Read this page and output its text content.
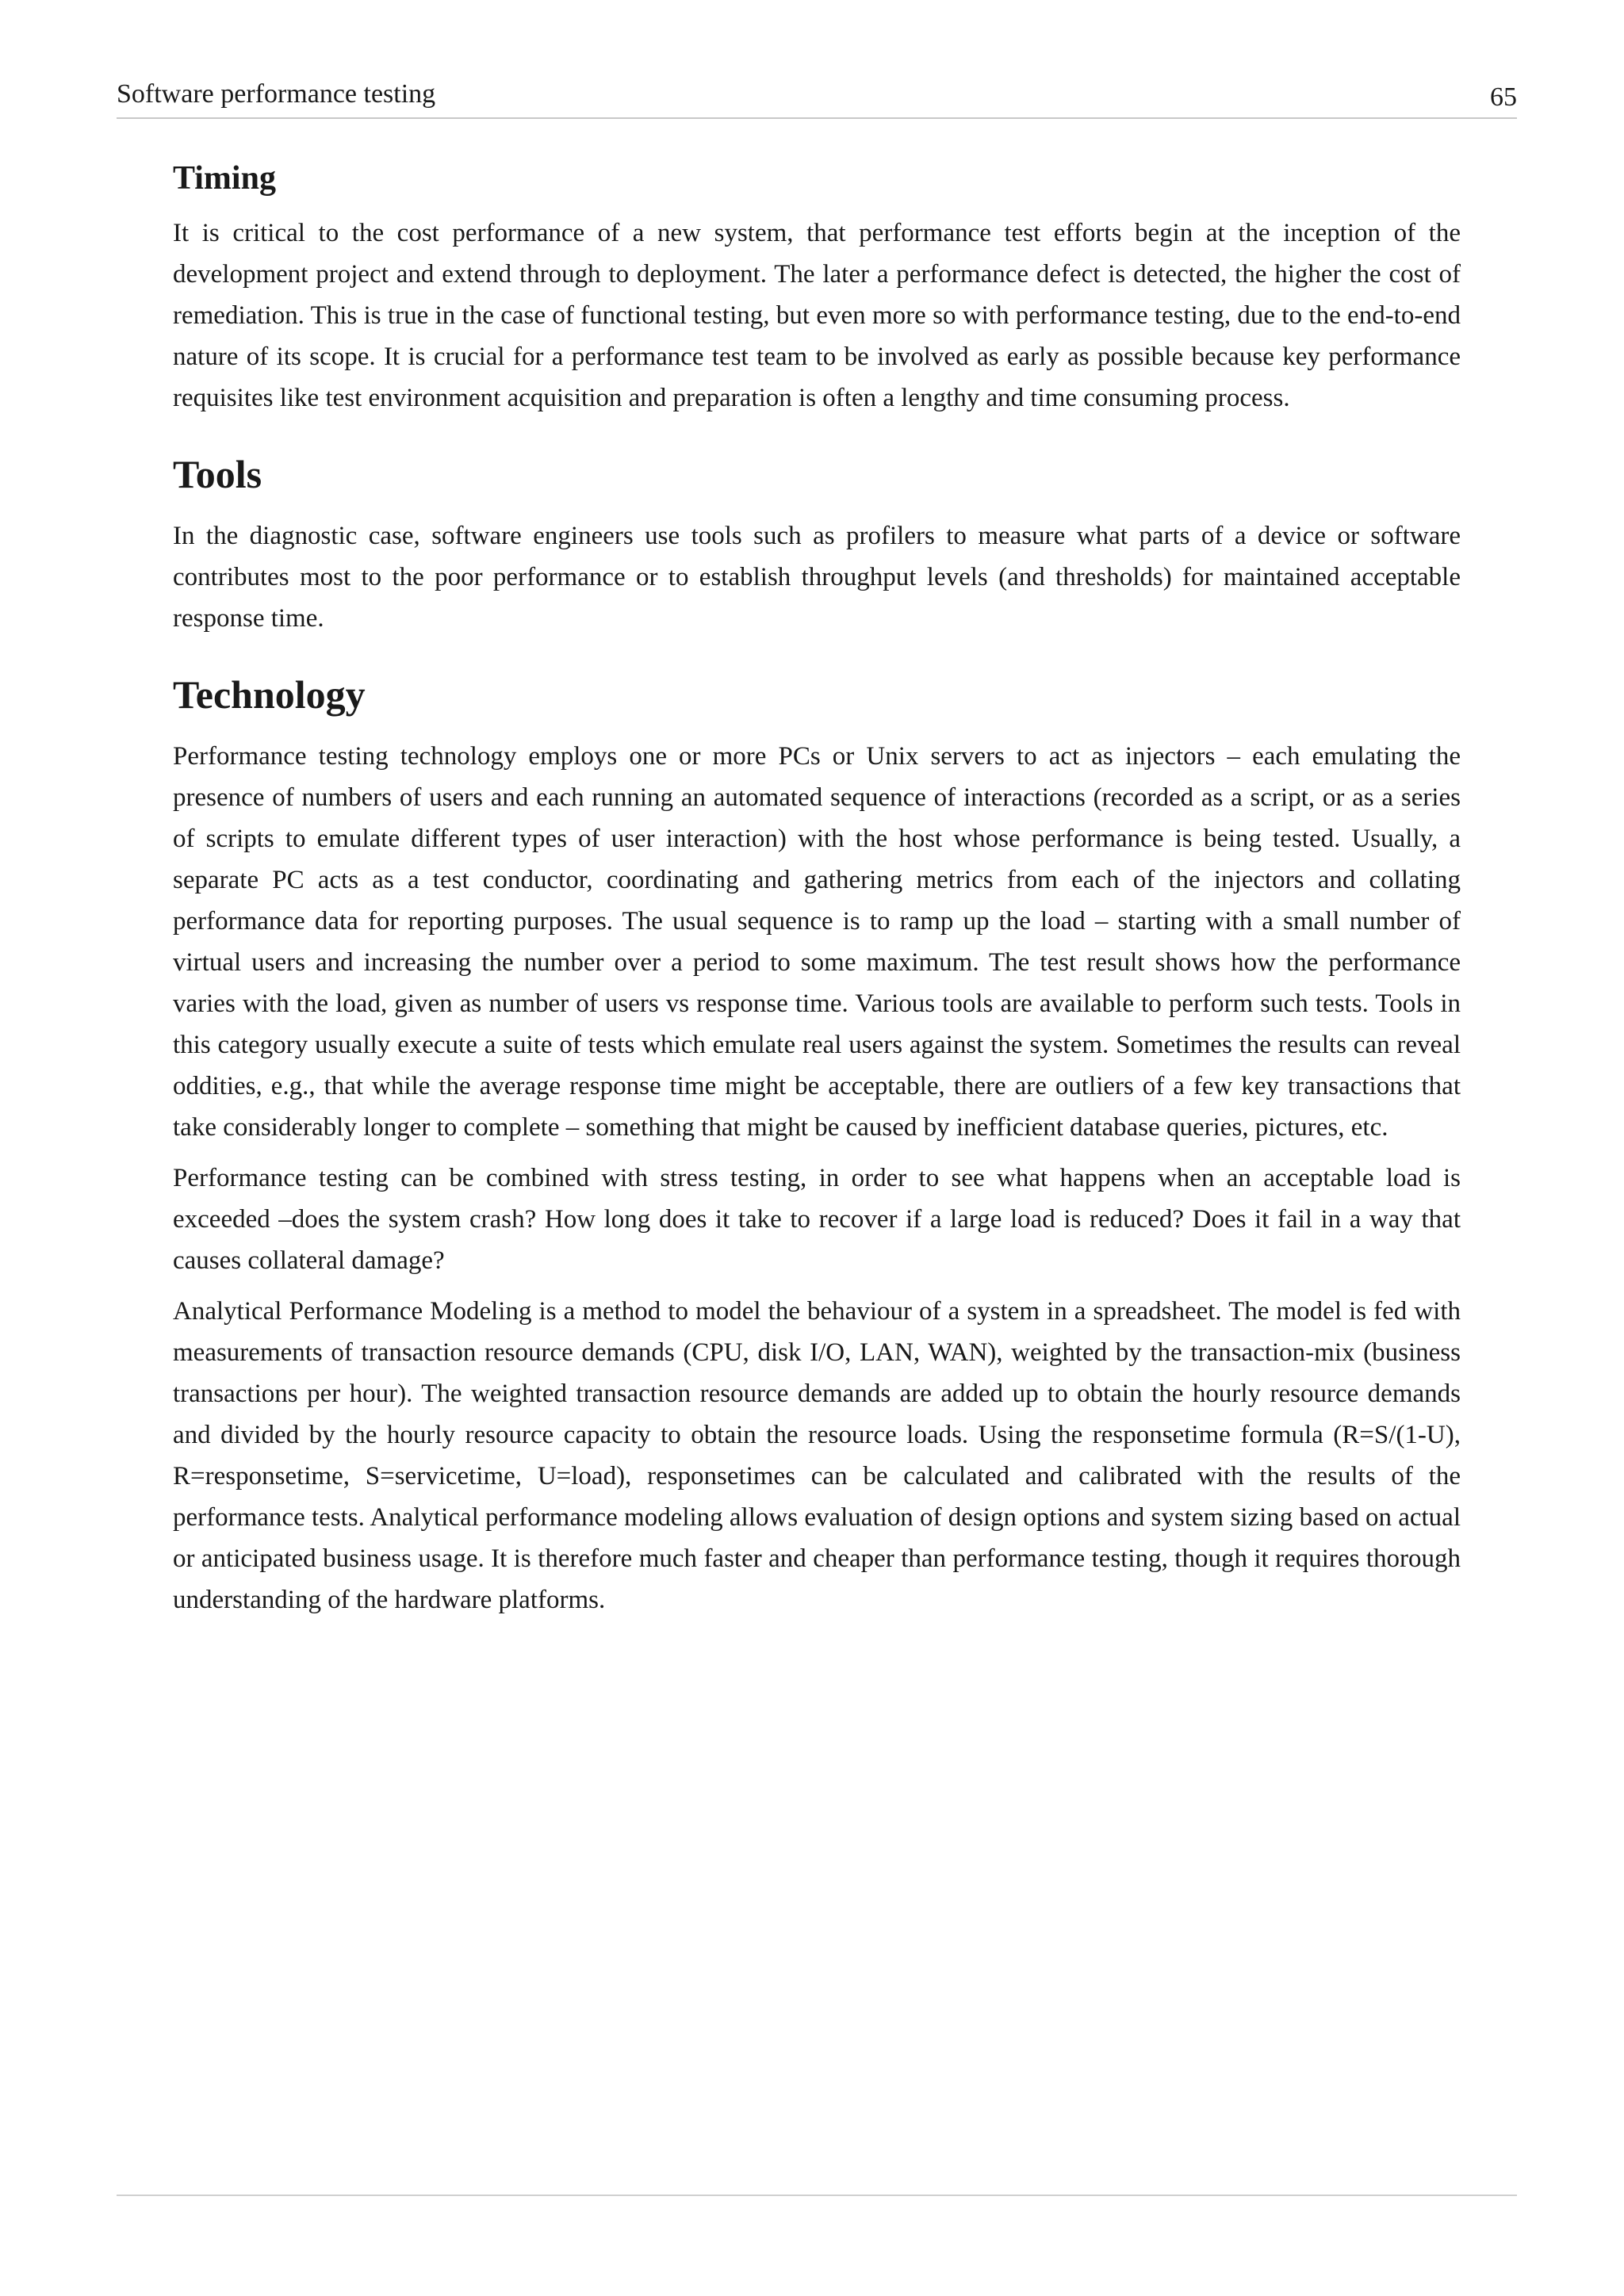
Software performance testing	65
Timing

It is critical to the cost performance of a new system, that performance test efforts begin at the inception of the development project and extend through to deployment. The later a performance defect is detected, the higher the cost of remediation. This is true in the case of functional testing, but even more so with performance testing, due to the end-to-end nature of its scope. It is crucial for a performance test team to be involved as early as possible because key performance requisites like test environment acquisition and preparation is often a lengthy and time consuming process.

Tools

In the diagnostic case, software engineers use tools such as profilers to measure what parts of a device or software contributes most to the poor performance or to establish throughput levels (and thresholds) for maintained acceptable response time.

Technology

Performance testing technology employs one or more PCs or Unix servers to act as injectors – each emulating the presence of numbers of users and each running an automated sequence of interactions (recorded as a script, or as a series of scripts to emulate different types of user interaction) with the host whose performance is being tested. Usually, a separate PC acts as a test conductor, coordinating and gathering metrics from each of the injectors and collating performance data for reporting purposes. The usual sequence is to ramp up the load – starting with a small number of virtual users and increasing the number over a period to some maximum. The test result shows how the performance varies with the load, given as number of users vs response time. Various tools are available to perform such tests. Tools in this category usually execute a suite of tests which emulate real users against the system. Sometimes the results can reveal oddities, e.g., that while the average response time might be acceptable, there are outliers of a few key transactions that take considerably longer to complete – something that might be caused by inefficient database queries, pictures, etc.

Performance testing can be combined with stress testing, in order to see what happens when an acceptable load is exceeded –does the system crash? How long does it take to recover if a large load is reduced? Does it fail in a way that causes collateral damage?

Analytical Performance Modeling is a method to model the behaviour of a system in a spreadsheet. The model is fed with measurements of transaction resource demands (CPU, disk I/O, LAN, WAN), weighted by the transaction-mix (business transactions per hour). The weighted transaction resource demands are added up to obtain the hourly resource demands and divided by the hourly resource capacity to obtain the resource loads. Using the responsetime formula (R=S/(1-U), R=responsetime, S=servicetime, U=load), responsetimes can be calculated and calibrated with the results of the performance tests. Analytical performance modeling allows evaluation of design options and system sizing based on actual or anticipated business usage. It is therefore much faster and cheaper than performance testing, though it requires thorough understanding of the hardware platforms.
